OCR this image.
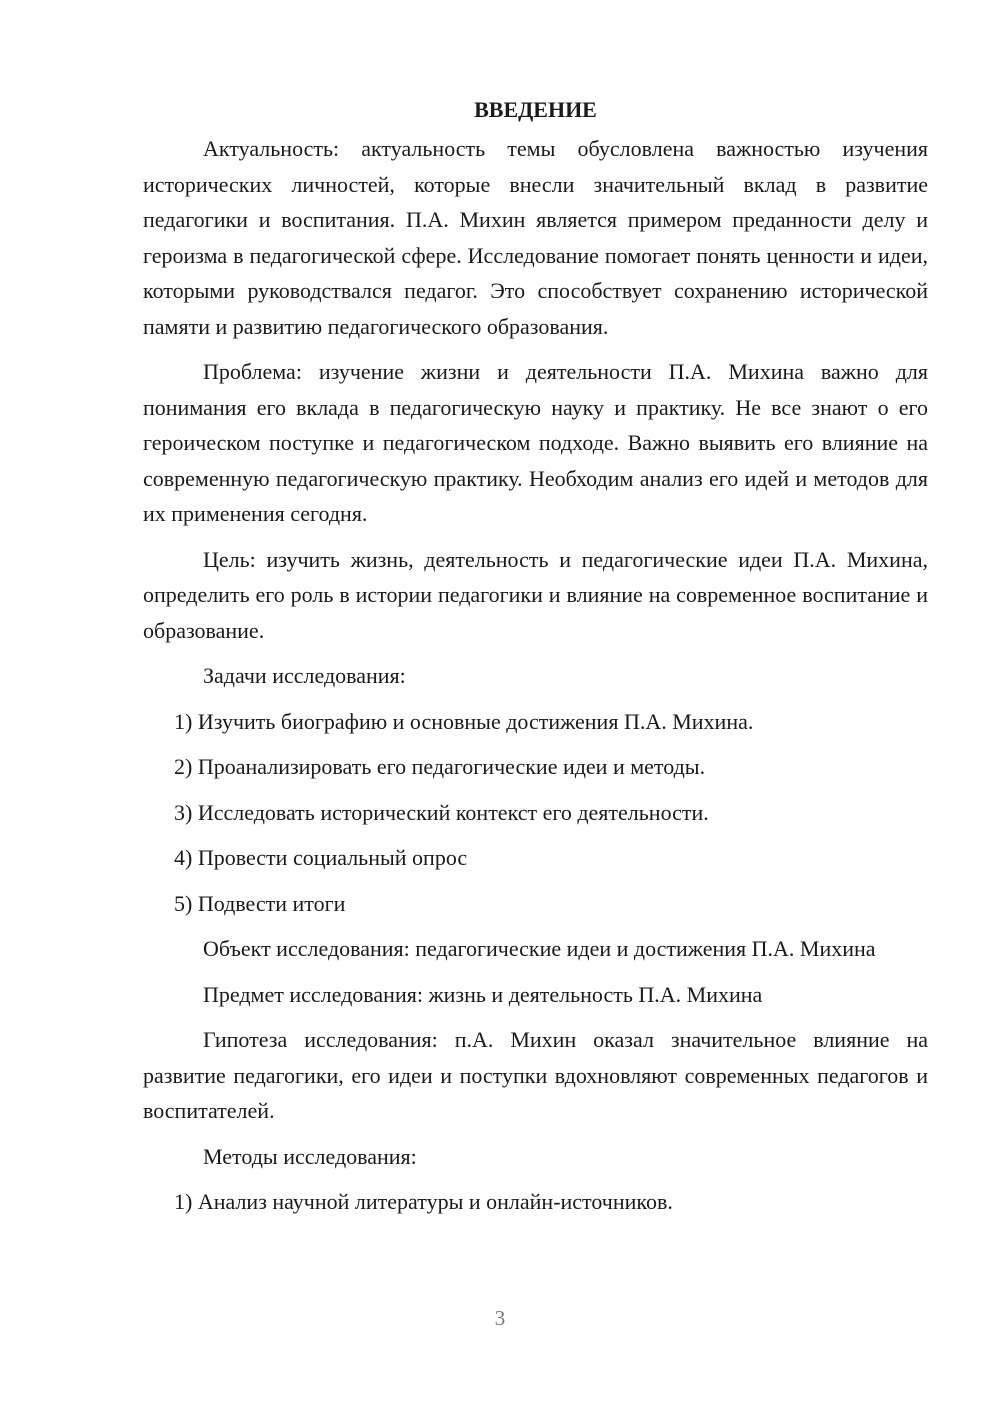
ВВЕДЕНИЕ

Актуальность: актуальность темы обусловлена важностью изучения исторических личностей, которые внесли значительный вклад в развитие педагогики и воспитания. П.А. Михин является примером преданности делу и героизма в педагогической сфере. Исследование помогает понять ценности и идеи, которыми руководствался педагог. Это способствует сохранению исторической памяти и развитию педагогического образования.

Проблема: изучение жизни и деятельности П.А. Михина важно для понимания его вклада в педагогическую науку и практику. Не все знают о его героическом поступке и педагогическом подходе. Важно выявить его влияние на современную педагогическую практику. Необходим анализ его идей и методов для их применения сегодня.

Цель: изучить жизнь, деятельность и педагогические идеи П.А. Михина, определить его роль в истории педагогики и влияние на современное воспитание и образование.

Задачи исследования:

1) Изучить биографию и основные достижения П.А. Михина.
2) Проанализировать его педагогические идеи и методы.
3) Исследовать исторический контекст его деятельности.
4) Провести социальный опрос
5) Подвести итоги

Объект исследования: педагогические идеи и достижения П.А. Михина

Предмет исследования: жизнь и деятельность П.А. Михина

Гипотеза исследования: п.А. Михин оказал значительное влияние на развитие педагогики, его идеи и поступки вдохновляют современных педагогов и воспитателей.

Методы исследования:

1) Анализ научной литературы и онлайн-источников.
3
